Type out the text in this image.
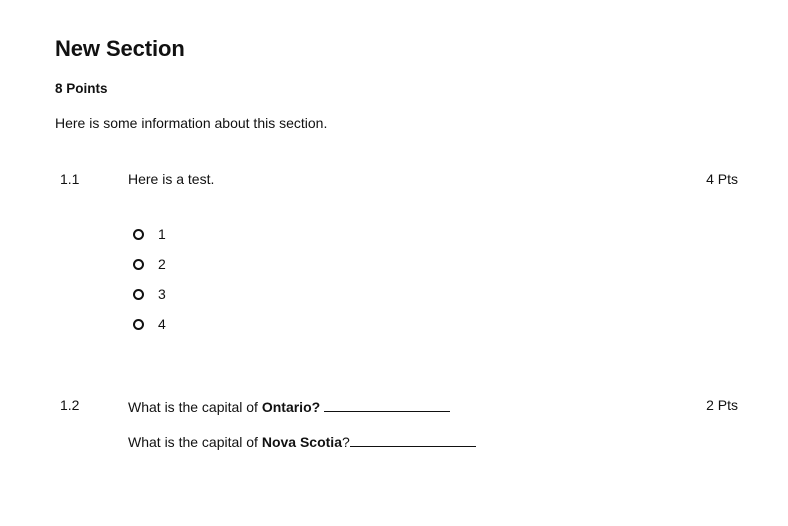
New Section
8 Points
Here is some information about this section.
1.1	Here is a test.	4 Pts
1
2
3
4
1.2	What is the capital of Ontario?	2 Pts
What is the capital of Nova Scotia?
